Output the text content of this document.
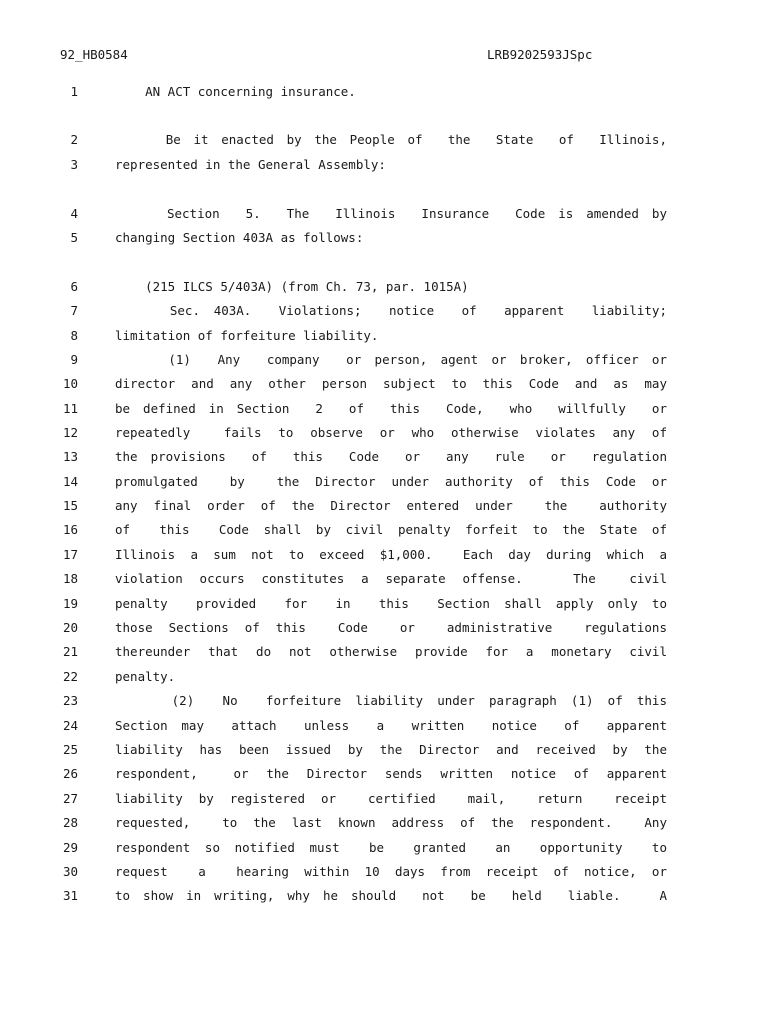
92_HB0584	LRB9202593JSpc
1	AN ACT concerning insurance.
2	Be it enacted by the People of  the  State  of  Illinois,
3	represented in the General Assembly:
4	Section  5.  The  Illinois  Insurance  Code is amended by
5	changing Section 403A as follows:
6	(215 ILCS 5/403A) (from Ch. 73, par. 1015A)
7	Sec. 403A.  Violations;  notice  of  apparent  liability;
8	limitation of forfeiture liability.
9	(1)  Any  company  or person, agent or broker, officer or
10	director and any other person subject to this Code and as may
11	be defined in Section  2  of  this  Code,  who  willfully  or
12	repeatedly  fails to observe or who otherwise violates any of
13	the provisions  of  this  Code  or  any  rule  or  regulation
14	promulgated  by  the Director under authority of this Code or
15	any final order of the Director entered under  the  authority
16	of  this  Code shall by civil penalty forfeit to the State of
17	Illinois a sum not to exceed $1,000.  Each day during which a
18	violation occurs constitutes a separate offense.   The  civil
19	penalty  provided  for  in  this  Section shall apply only to
20	those Sections of this  Code  or  administrative  regulations
21	thereunder that do not otherwise provide for a monetary civil
22	penalty.
23	(2)  No  forfeiture liability under paragraph (1) of this
24	Section may  attach  unless  a  written  notice  of  apparent
25	liability has been issued by the Director and received by the
26	respondent,  or the Director sends written notice of apparent
27	liability by registered or  certified  mail,  return  receipt
28	requested,  to the last known address of the respondent.  Any
29	respondent so notified must  be  granted  an  opportunity  to
30	request  a  hearing within 10 days from receipt of notice, or
31	to show in writing, why he should  not  be  held  liable.   A
